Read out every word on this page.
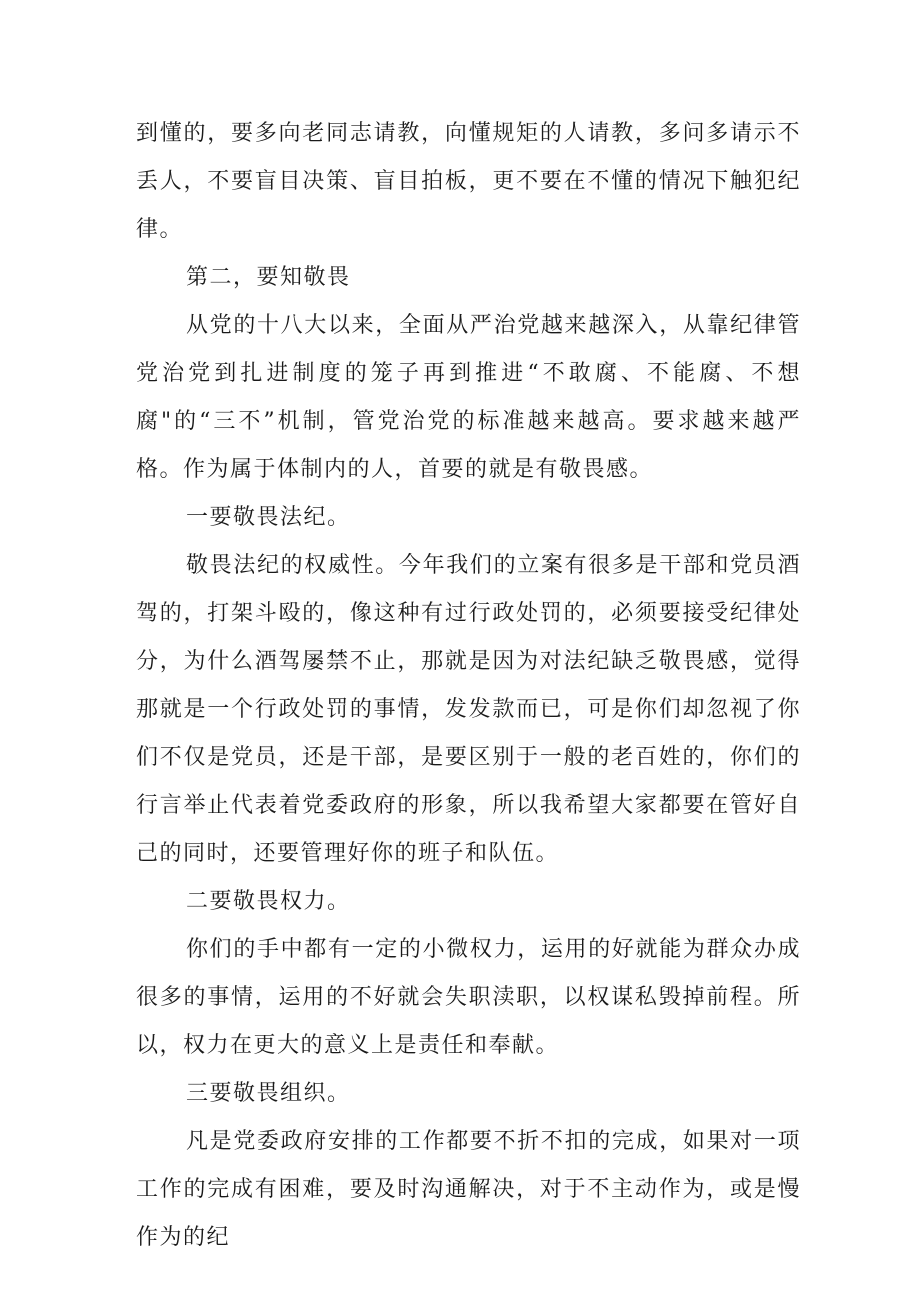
到懂的，要多向老同志请教，向懂规矩的人请教，多问多请示不丢人，不要盲目决策、盲目拍板，更不要在不懂的情况下触犯纪律。

第二，要知敬畏

从党的十八大以来，全面从严治党越来越深入，从靠纪律管党治党到扎进制度的笼子再到推进“不敢腐、不能腐、不想腐"的“三不”机制，管党治党的标准越来越高。要求越来越严格。作为属于体制内的人，首要的就是有敬畏感。

一要敬畏法纪。

敬畏法纪的权威性。今年我们的立案有很多是干部和党员酒驾的，打架斗殴的，像这种有过行政处罚的，必须要接受纪律处分，为什么酒驾屡禁不止，那就是因为对法纪缺乏敬畏感，觉得那就是一个行政处罚的事情，发发款而已，可是你们却忽视了你们不仅是党员，还是干部，是要区别于一般的老百姓的，你们的行言举止代表着党委政府的形象，所以我希望大家都要在管好自己的同时，还要管理好你的班子和队伍。

二要敬畏权力。

你们的手中都有一定的小微权力，运用的好就能为群众办成很多的事情，运用的不好就会失职渎职，以权谋私毁掉前程。所以，权力在更大的意义上是责任和奉献。

三要敬畏组织。

凡是党委政府安排的工作都要不折不扣的完成，如果对一项工作的完成有困难，要及时沟通解决，对于不主动作为，或是慢作为的纪
